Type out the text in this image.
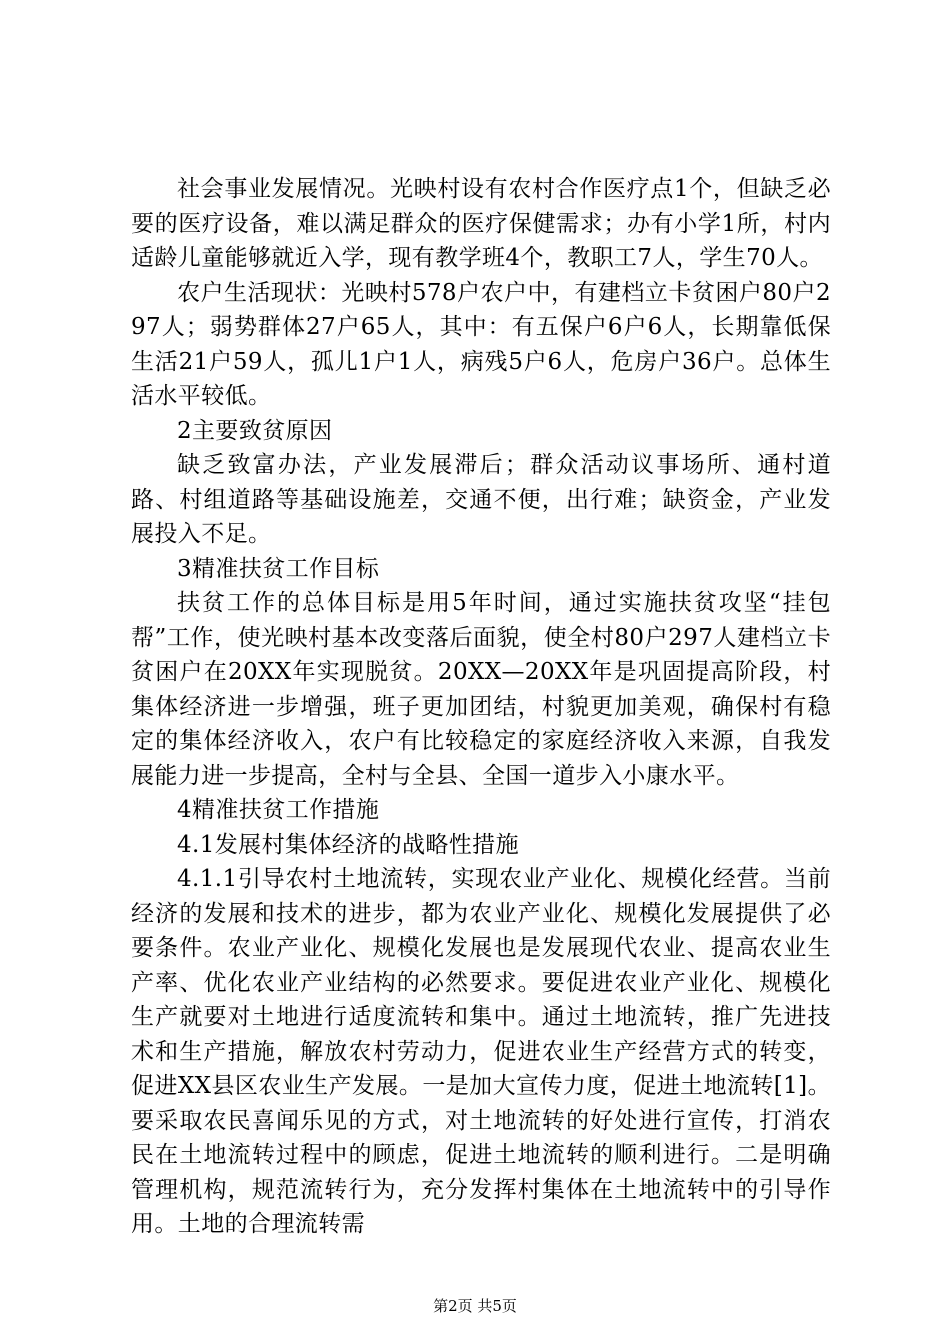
社会事业发展情况。光映村设有农村合作医疗点1个，但缺乏必要的医疗设备，难以满足群众的医疗保健需求；办有小学1所，村内适龄儿童能够就近入学，现有教学班4个，教职工7人，学生70人。

农户生活现状：光映村578户农户中，有建档立卡贫困户80户297人；弱势群体27户65人，其中：有五保户6户6人，长期靠低保生活21户59人，孤儿1户1人，病残5户6人，危房户36户。总体生活水平较低。

2主要致贫原因

缺乏致富办法，产业发展滞后；群众活动议事场所、通村道路、村组道路等基础设施差，交通不便，出行难；缺资金，产业发展投入不足。

3精准扶贫工作目标

扶贫工作的总体目标是用5年时间，通过实施扶贫攻坚“挂包帮”工作，使光映村基本改变落后面貌，使全村80户297人建档立卡贫困户在20XX年实现脱贫。20XX—20XX年是巩固提高阶段，村集体经济进一步增强，班子更加团结，村貌更加美观，确保村有稳定的集体经济收入，农户有比较稳定的家庭经济收入来源，自我发展能力进一步提高，全村与全县、全国一道步入小康水平。

4精准扶贫工作措施

4.1发展村集体经济的战略性措施

4.1.1引导农村土地流转，实现农业产业化、规模化经营。当前经济的发展和技术的进步，都为农业产业化、规模化发展提供了必要条件。农业产业化、规模化发展也是发展现代农业、提高农业生产率、优化农业产业结构的必然要求。要促进农业产业化、规模化生产就要对土地进行适度流转和集中。通过土地流转，推广先进技术和生产措施，解放农村劳动力，促进农业生产经营方式的转变，促进XX县区农业生产发展。一是加大宣传力度，促进土地流转[1]。要采取农民喜闻乐见的方式，对土地流转的好处进行宣传，打消农民在土地流转过程中的顾虑，促进土地流转的顺利进行。二是明确管理机构，规范流转行为，充分发挥村集体在土地流转中的引导作用。土地的合理流转需

第2页 共5页
